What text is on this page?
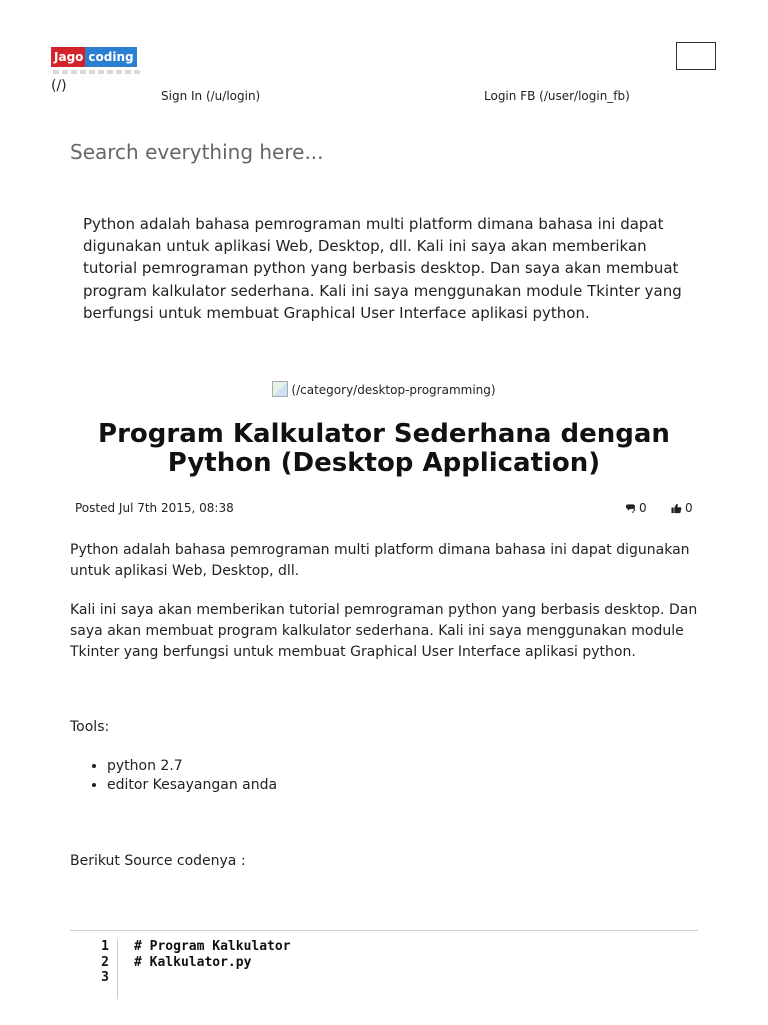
Jago coding
(/)
Sign In (/u/login)	Login FB (/user/login_fb)
Search everything here...

Python adalah bahasa pemrograman multi platform dimana bahasa ini dapat digunakan untuk aplikasi Web, Desktop, dll. Kali ini saya akan memberikan tutorial pemrograman python yang berbasis desktop. Dan saya akan membuat program kalkulator sederhana. Kali ini saya menggunakan module Tkinter yang berfungsi untuk membuat Graphical User Interface aplikasi python.

(/category/desktop-programming)
Program Kalkulator Sederhana dengan Python (Desktop Application)
Posted Jul 7th 2015, 08:38	0	0

Python adalah bahasa pemrograman multi platform dimana bahasa ini dapat digunakan untuk aplikasi Web, Desktop, dll.

Kali ini saya akan memberikan tutorial pemrograman python yang berbasis desktop. Dan saya akan membuat program kalkulator sederhana. Kali ini saya menggunakan module Tkinter yang berfungsi untuk membuat Graphical User Interface aplikasi python.

Tools:
• python 2.7
• editor Kesayangan anda
Berikut Source codenya :
1
2
3
# Program Kalkulator
# Kalkulator.py
